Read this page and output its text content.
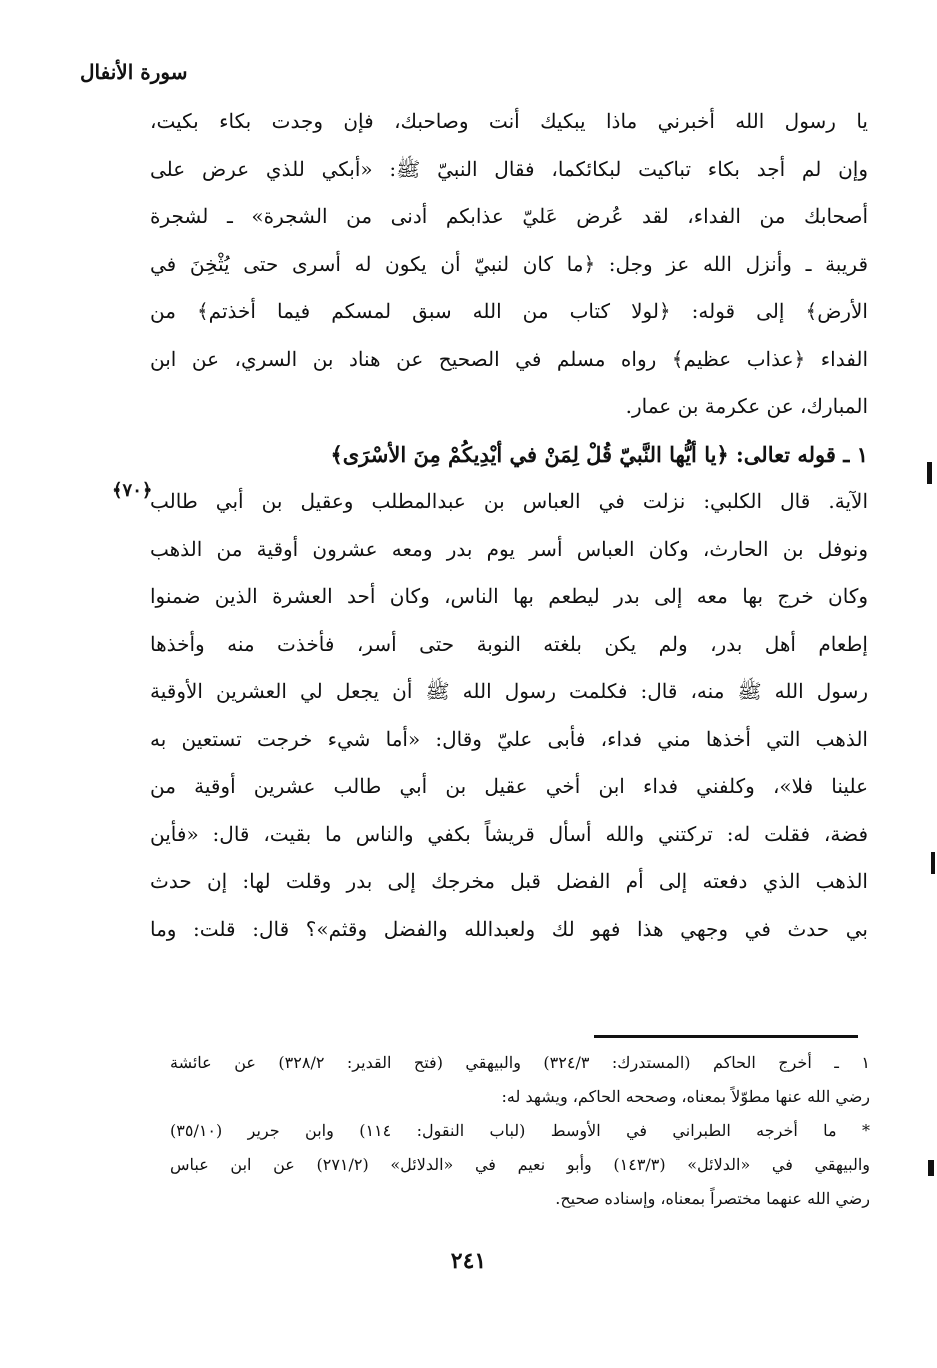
سورة الأنفال
يا رسول الله أخبرني ماذا يبكيك أنت وصاحبك، فإن وجدت بكاء بكيت،
وإن لم أجد بكاء تباكيت لبكائكما، فقال النبيّ ﷺ: «أبكي للذي عرض على
أصحابك من الفداء، لقد عُرض عَليّ عذابكم أدنى من الشجرة» ـ لشجرة
قريبة ـ وأنزل الله عز وجل: ﴿ما كان لنبيّ أن يكون له أسرى حتى يُثْخِنَ في
الأرض﴾ إلى قوله: ﴿لولا كتاب من الله سبق لمسكم فيما أخذتم﴾ من
الفداء ﴿عذاب عظيم﴾ رواه مسلم في الصحيح عن هناد بن السري، عن ابن
المبارك، عن عكرمة بن عمار.
١ ـ قوله تعالى: ﴿يا أيُّها النَّبيّ قُلْ لِمَنْ في أيْدِيكُمْ مِنَ الأسْرَى﴾
الآية. قال الكلبي: نزلت في العباس بن عبدالمطلب وعقيل بن أبي طالب
ونوفل بن الحارث، وكان العباس أسر يوم بدر ومعه عشرون أوقية من الذهب
وكان خرج بها معه إلى بدر ليطعم بها الناس، وكان أحد العشرة الذين ضمنوا
إطعام أهل بدر، ولم يكن بلغته النوبة حتى أسر، فأخذت منه وأخذها
رسول الله ﷺ منه، قال: فكلمت رسول الله ﷺ أن يجعل لي العشرين الأوقية
الذهب التي أخذها مني فداء، فأبى عليّ وقال: «أما شيء خرجت تستعين به
علينا فلا»، وكلفني فداء ابن أخي عقيل بن أبي طالب عشرين أوقية من
فضة، فقلت له: تركتني والله أسأل قريشاً بكفي والناس ما بقيت، قال: «فأين
الذهب الذي دفعته إلى أم الفضل قبل مخرجك إلى بدر وقلت لها: إن حدث
بي حدث في وجهي هذا فهو لك ولعبدالله والفضل وقثم»؟ قال: قلت: وما
﴿٧٠﴾
١ ـ أخرج الحاكم (المستدرك: ٣٢٤/٣) والبيهقي (فتح القدير: ٣٢٨/٢) عن عائشة
رضي الله عنها مطوّلاً بمعناه، وصححه الحاكم، ويشهد له:
* ما أخرجه الطبراني في الأوسط (لباب النقول: ١١٤) وابن جرير (٣٥/١٠)
والبيهقي في «الدلائل» (١٤٣/٣) وأبو نعيم في «الدلائل» (٢٧١/٢) عن ابن عباس
رضي الله عنهما مختصراً بمعناه، وإسناده صحيح.
٢٤١
